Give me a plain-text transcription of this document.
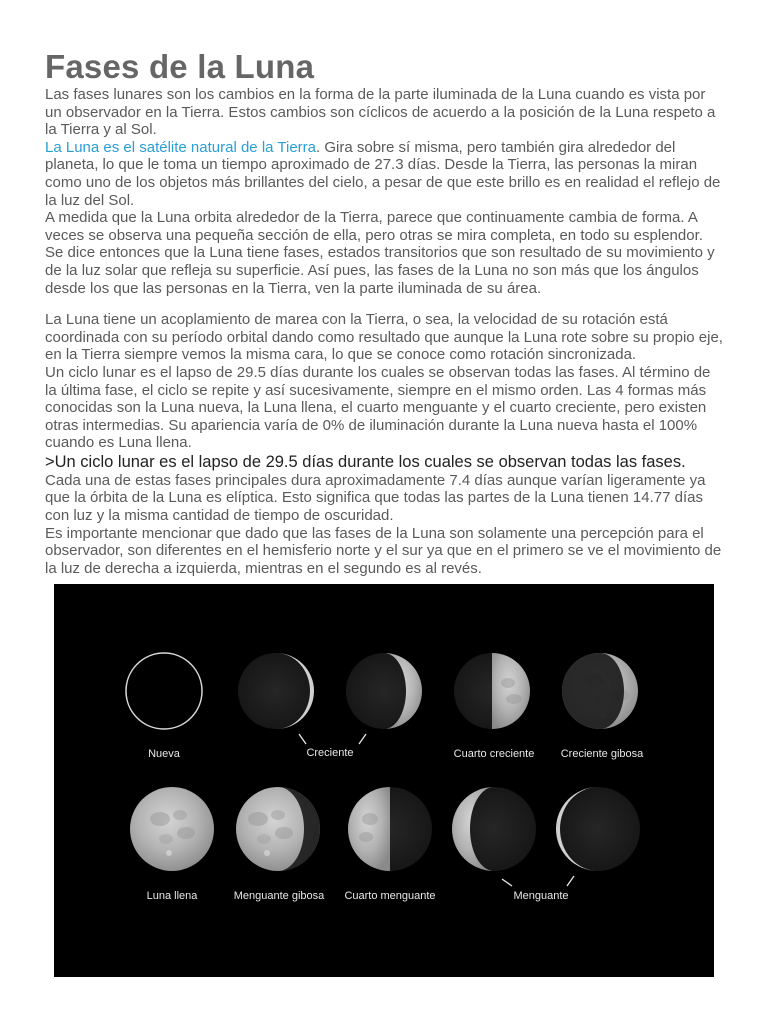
Fases de la Luna

Las fases lunares son los cambios en la forma de la parte iluminada de la Luna cuando es vista por un observador en la Tierra. Estos cambios son cíclicos de acuerdo a la posición de la Luna respeto a la Tierra y al Sol.

La Luna es el satélite natural de la Tierra. Gira sobre sí misma, pero también gira alrededor del planeta, lo que le toma un tiempo aproximado de 27.3 días. Desde la Tierra, las personas la miran como uno de los objetos más brillantes del cielo, a pesar de que este brillo es en realidad el reflejo de la luz del Sol.

A medida que la Luna orbita alrededor de la Tierra, parece que continuamente cambia de forma. A veces se observa una pequeña sección de ella, pero otras se mira completa, en todo su esplendor. Se dice entonces que la Luna tiene fases, estados transitorios que son resultado de su movimiento y de la luz solar que refleja su superficie. Así pues, las fases de la Luna no son más que los ángulos desde los que las personas en la Tierra, ven la parte iluminada de su área.

La Luna tiene un acoplamiento de marea con la Tierra, o sea, la velocidad de su rotación está coordinada con su período orbital dando como resultado que aunque la Luna rote sobre su propio eje, en la Tierra siempre vemos la misma cara, lo que se conoce como rotación sincronizada.

Un ciclo lunar es el lapso de 29.5 días durante los cuales se observan todas las fases. Al término de la última fase, el ciclo se repite y así sucesivamente, siempre en el mismo orden. Las 4 formas más conocidas son la Luna nueva, la Luna llena, el cuarto menguante y el cuarto creciente, pero existen otras intermedias. Su apariencia varía de 0% de iluminación durante la Luna nueva hasta el 100% cuando es Luna llena.

>Un ciclo lunar es el lapso de 29.5 días durante los cuales se observan todas las fases.

Cada una de estas fases principales dura aproximadamente 7.4 días aunque varían ligeramente ya que la órbita de la Luna es elíptica. Esto significa que todas las partes de la Luna tienen 14.77 días con luz y la misma cantidad de tiempo de oscuridad.

Es importante mencionar que dado que las fases de la Luna son solamente una percepción para el observador, son diferentes en el hemisferio norte y el sur ya que en el primero se ve el movimiento de la luz de derecha a izquierda, mientras en el segundo es al revés.

Nueva	Creciente	Cuarto creciente Creciente gibosa
Luna llena	Menguante gibosa Cuarto menguante	Menguante
